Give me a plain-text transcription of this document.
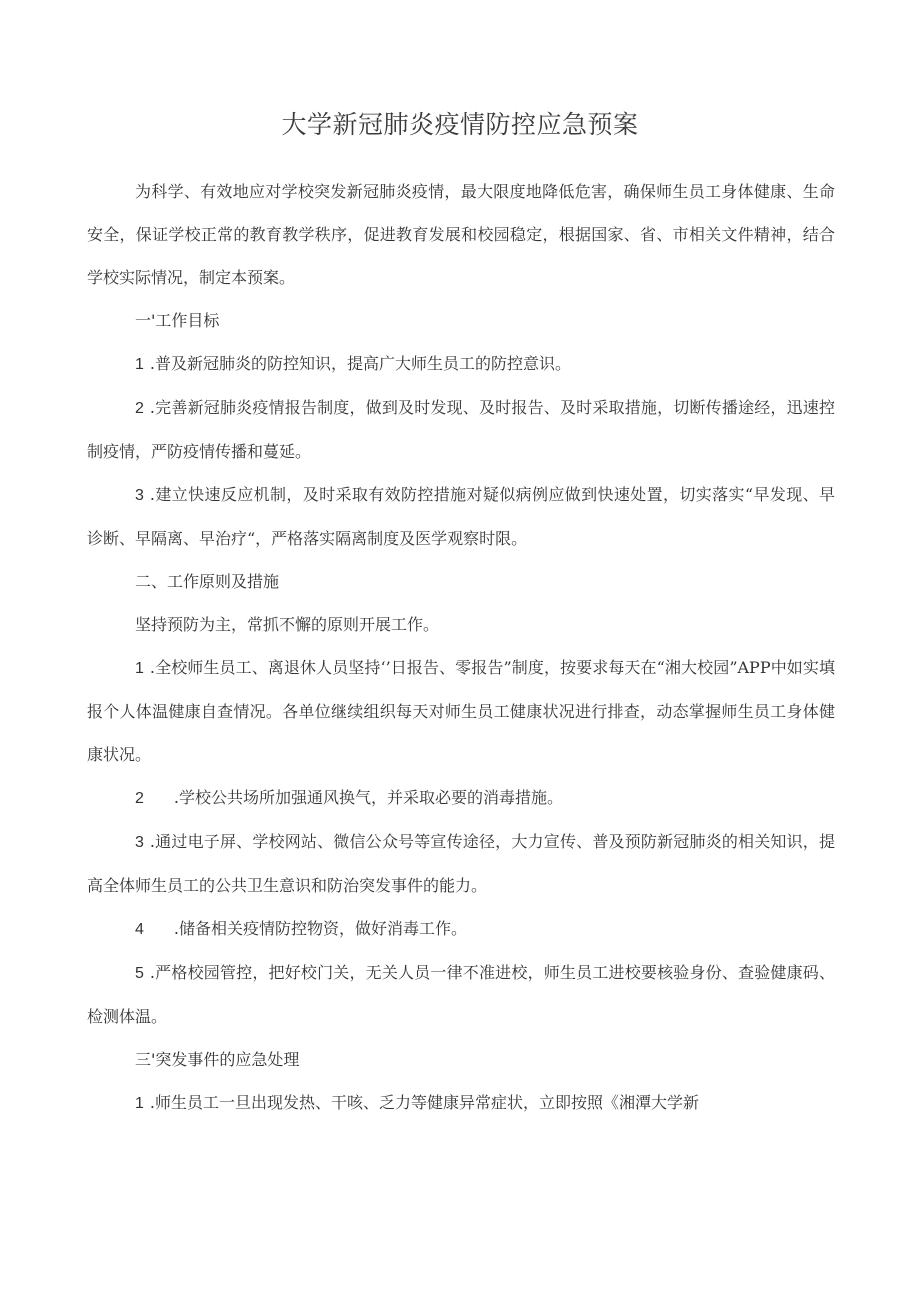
大学新冠肺炎疫情防控应急预案

为科学、有效地应对学校突发新冠肺炎疫情，最大限度地降低危害，确保师生员工身体健康、生命安全，保证学校正常的教育教学秩序，促进教育发展和校园稳定，根据国家、省、市相关文件精神，结合学校实际情况，制定本预案。

一'工作目标

1 .普及新冠肺炎的防控知识，提高广大师生员工的防控意识。

2 .完善新冠肺炎疫情报告制度，做到及时发现、及时报告、及时采取措施，切断传播途经，迅速控制疫情，严防疫情传播和蔓延。

3 .建立快速反应机制，及时采取有效防控措施对疑似病例应做到快速处置，切实落实“早发现、早诊断、早隔离、早治疗“，严格落实隔离制度及医学观察时限。

二、工作原则及措施

坚持预防为主，常抓不懈的原则开展工作。

1 .全校师生员工、离退休人员坚持‘’日报告、零报告”制度，按要求每天在“湘大校园”APP中如实填报个人体温健康自查情况。各单位继续组织每天对师生员工健康状况进行排查，动态掌握师生员工身体健康状况。

2 .学校公共场所加强通风换气，并采取必要的消毒措施。

3 .通过电子屏、学校网站、微信公众号等宣传途径，大力宣传、普及预防新冠肺炎的相关知识，提高全体师生员工的公共卫生意识和防治突发事件的能力。

4 .储备相关疫情防控物资，做好消毒工作。

5 .严格校园管控，把好校门关，无关人员一律不准进校，师生员工进校要核验身份、查验健康码、检测体温。

三'突发事件的应急处理

1 .师生员工一旦出现发热、干咳、乏力等健康异常症状，立即按照《湘潭大学新
